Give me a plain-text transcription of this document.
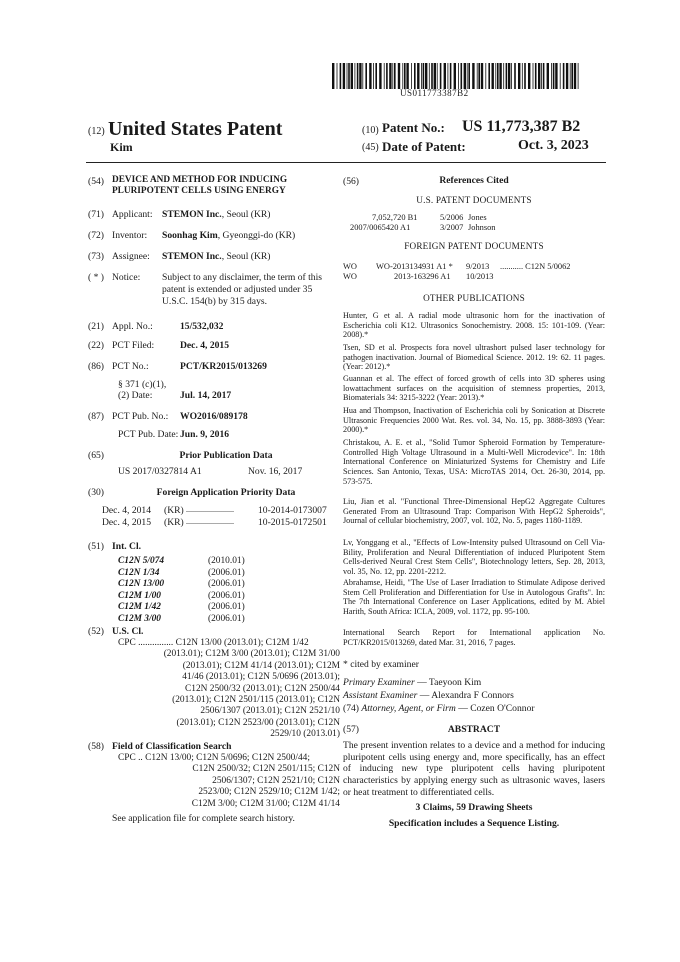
US011773387B2
(12) United States Patent
Kim
(10) Patent No.: US 11,773,387 B2
(45) Date of Patent:	Oct. 3, 2023
(54) DEVICE AND METHOD FOR INDUCING
PLURIPOTENT CELLS USING ENERGY
(71) Applicant: STEMON Inc., Seoul (KR)
(72) Inventor: Soonhag Kim, Gyeonggi-do (KR)
(73) Assignee: STEMON Inc., Seoul (KR)
( * ) Notice: Subject to any disclaimer, the term of this
patent is extended or adjusted under 35
U.S.C. 154(b) by 315 days.
(21) Appl. No.:	15/532,032
(22) PCT Filed:	Dec. 4, 2015
(86) PCT No.:	PCT/KR2015/013269
§ 371 (c)(1),
(2) Date:	Jul. 14, 2017
(87) PCT Pub. No.: WO2016/089178
PCT Pub. Date: Jun. 9, 2016
(65)	Prior Publication Data
US 2017/0327814 A1	Nov. 16, 2017
(30)	Foreign Application Priority Data
Dec. 4, 2014 (KR) ........................	10-2014-0173007
Dec. 4, 2015 (KR) ........................	10-2015-0172501
(51) Int. Cl.
C12N 5/074	(2010.01)
C12N 1/34	(2006.01)
C12N 13/00	(2006.01)
C12M 1/00	(2006.01)
C12M 1/42	(2006.01)
C12M 3/00	(2006.01)
(52) U.S. Cl.
CPC ............... C12N 13/00 (2013.01); C12M 1/42
(2013.01); C12M 3/00 (2013.01); C12M 31/00
(2013.01); C12M 41/14 (2013.01); C12M
41/46 (2013.01); C12N 5/0696 (2013.01);
C12N 2500/32 (2013.01); C12N 2500/44
(2013.01); C12N 2501/115 (2013.01); C12N
2506/1307 (2013.01); C12N 2521/10
(2013.01); C12N 2523/00 (2013.01); C12N
2529/10 (2013.01)
(58) Field of Classification Search
CPC .. C12N 13/00; C12N 5/0696; C12N 2500/44;
C12N 2500/32; C12N 2501/115; C12N
2506/1307; C12N 2521/10; C12N
2523/00; C12N 2529/10; C12M 1/42;
C12M 3/00; C12M 31/00; C12M 41/14
See application file for complete search history.
(56)	References Cited
U.S. PATENT DOCUMENTS
7,052,720 B1	5/2006 Jones
2007/0065420 A1	3/2007 Johnson
FOREIGN PATENT DOCUMENTS
WO WO-2013134931 A1 * 9/2013 ........... C12N 5/0062
WO	2013-163296 A1 10/2013
OTHER PUBLICATIONS
Hunter, G et al. A radial mode ultrasonic horn for the inactivation of Escherichia coli K12. Ultrasonics Sonochemistry. 2008. 15: 101-109. (Year: 2008).*
Tsen, SD et al. Prospects fora novel ultrashort pulsed laser technology for pathogen inactivation. Journal of Biomedical Science. 2012. 19: 62. 11 pages. (Year: 2012).*
Guannan et al. The effect of forced growth of cells into 3D spheres using lowattachment surfaces on the acquisition of stemness properties, 2013, Biomaterials 34: 3215-3222 (Year: 2013).*
Hua and Thompson, Inactivation of Escherichia coli by Sonication at Discrete Ultrasonic Frequencies 2000 Wat. Res. vol. 34, No. 15, pp. 3888-3893 (Year: 2000).*
Christakou, A. E. et al., "Solid Tumor Spheroid Formation by Temperature-Controlled High Voltage Ultrasound in a Multi-Well Microdevice". In: 18th International Conference on Miniaturized Systems for Chemistry and Life Sciences. San Antonio, Texas, USA: MicroTAS 2014, Oct. 26-30, 2014, pp. 573-575.
Liu, Jian et al. "Functional Three-Dimensional HepG2 Aggregate Cultures Generated From an Ultrasound Trap: Comparison With HepG2 Spheroids", Journal of cellular biochemistry, 2007, vol. 102, No. 5, pages 1180-1189.
Lv, Yonggang et al., "Effects of Low-Intensity pulsed Ultrasound on Cell Via-Bility, Proliferation and Neural Differentiation of induced Pluripotent Stem Cells-derived Neural Crest Stem Cells", Biotechnology letters, Sep. 28, 2013, vol. 35, No. 12, pp. 2201-2212.
Abrahamse, Heidi, "The Use of Laser Irradiation to Stimulate Adipose derived Stem Cell Proliferation and Differentiation for Use in Autologous Grafts". In: The 7th International Conference on Laser Applications, edited by M. Abiel Harith, South Africa: ICLA, 2009, vol. 1172, pp. 95-100.
International Search Report for International application No. PCT/KR2015/013269, dated Mar. 31, 2016, 7 pages.
* cited by examiner
Primary Examiner — Taeyoon Kim
Assistant Examiner — Alexandra F Connors
(74) Attorney, Agent, or Firm — Cozen O'Connor
(57)	ABSTRACT
The present invention relates to a device and a method for inducing pluripotent cells using energy and, more specifically, has an effect of inducing new type pluripotent cells having pluripotent characteristics by applying energy such as ultrasonic waves, lasers or heat treatment to differentiated cells.
3 Claims, 59 Drawing Sheets
Specification includes a Sequence Listing.
